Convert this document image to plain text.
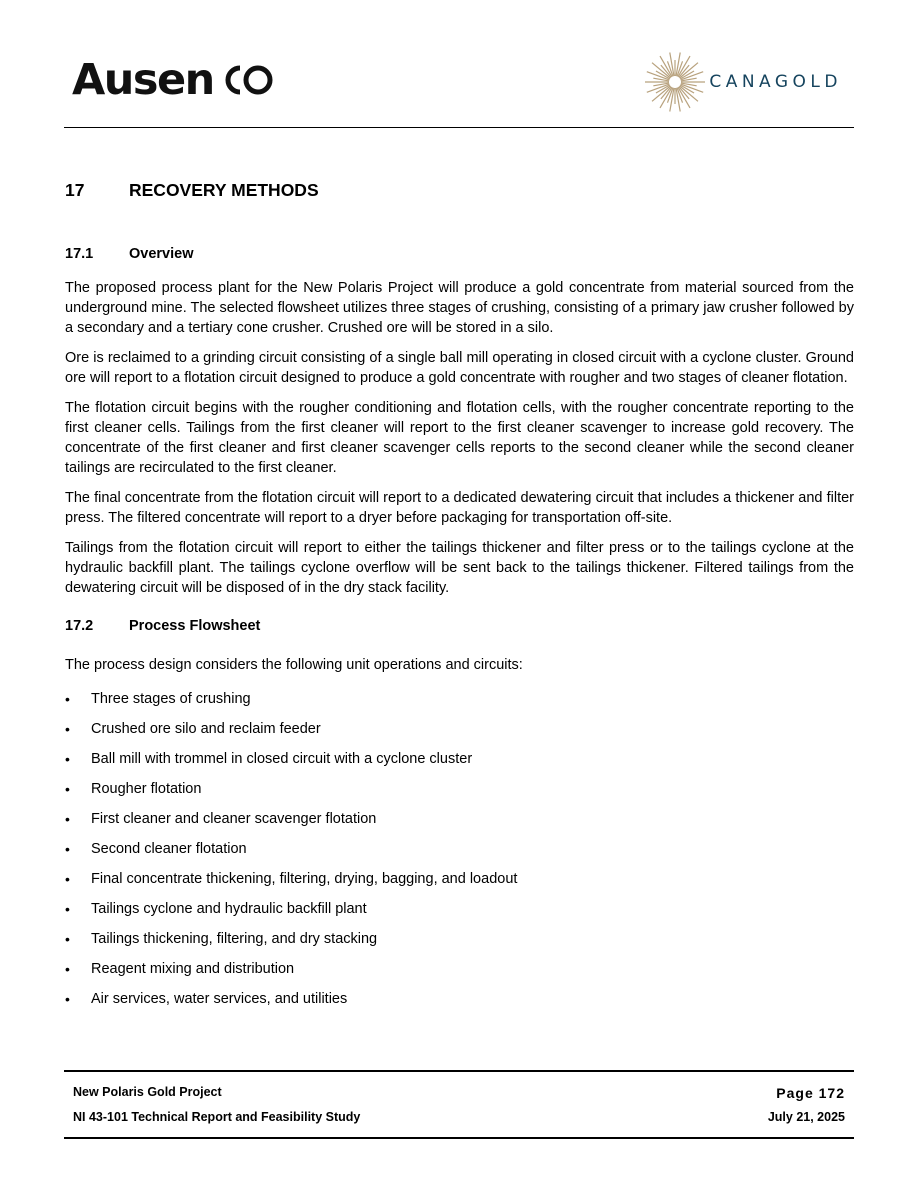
Ausen	CANAGOLD
17	RECOVERY METHODS
17.1	Overview

The proposed process plant for the New Polaris Project will produce a gold concentrate from material sourced from the underground mine. The selected flowsheet utilizes three stages of crushing, consisting of a primary jaw crusher followed by a secondary and a tertiary cone crusher. Crushed ore will be stored in a silo.

Ore is reclaimed to a grinding circuit consisting of a single ball mill operating in closed circuit with a cyclone cluster. Ground ore will report to a flotation circuit designed to produce a gold concentrate with rougher and two stages of cleaner flotation.

The flotation circuit begins with the rougher conditioning and flotation cells, with the rougher concentrate reporting to the first cleaner cells. Tailings from the first cleaner will report to the first cleaner scavenger to increase gold recovery. The concentrate of the first cleaner and first cleaner scavenger cells reports to the second cleaner while the second cleaner tailings are recirculated to the first cleaner.

The final concentrate from the flotation circuit will report to a dedicated dewatering circuit that includes a thickener and filter press. The filtered concentrate will report to a dryer before packaging for transportation off-site.

Tailings from the flotation circuit will report to either the tailings thickener and filter press or to the tailings cyclone at the hydraulic backfill plant. The tailings cyclone overflow will be sent back to the tailings thickener. Filtered tailings from the dewatering circuit will be disposed of in the dry stack facility.

17.2	Process Flowsheet

The process design considers the following unit operations and circuits:

•	Three stages of crushing
•	Crushed ore silo and reclaim feeder
•	Ball mill with trommel in closed circuit with a cyclone cluster
•	Rougher flotation
•	First cleaner and cleaner scavenger flotation
•	Second cleaner flotation
•	Final concentrate thickening, filtering, drying, bagging, and loadout
•	Tailings cyclone and hydraulic backfill plant
•	Tailings thickening, filtering, and dry stacking
•	Reagent mixing and distribution
•	Air services, water services, and utilities
New Polaris Gold Project
NI 43-101 Technical Report and Feasibility Study
Page 172
July 21, 2025
